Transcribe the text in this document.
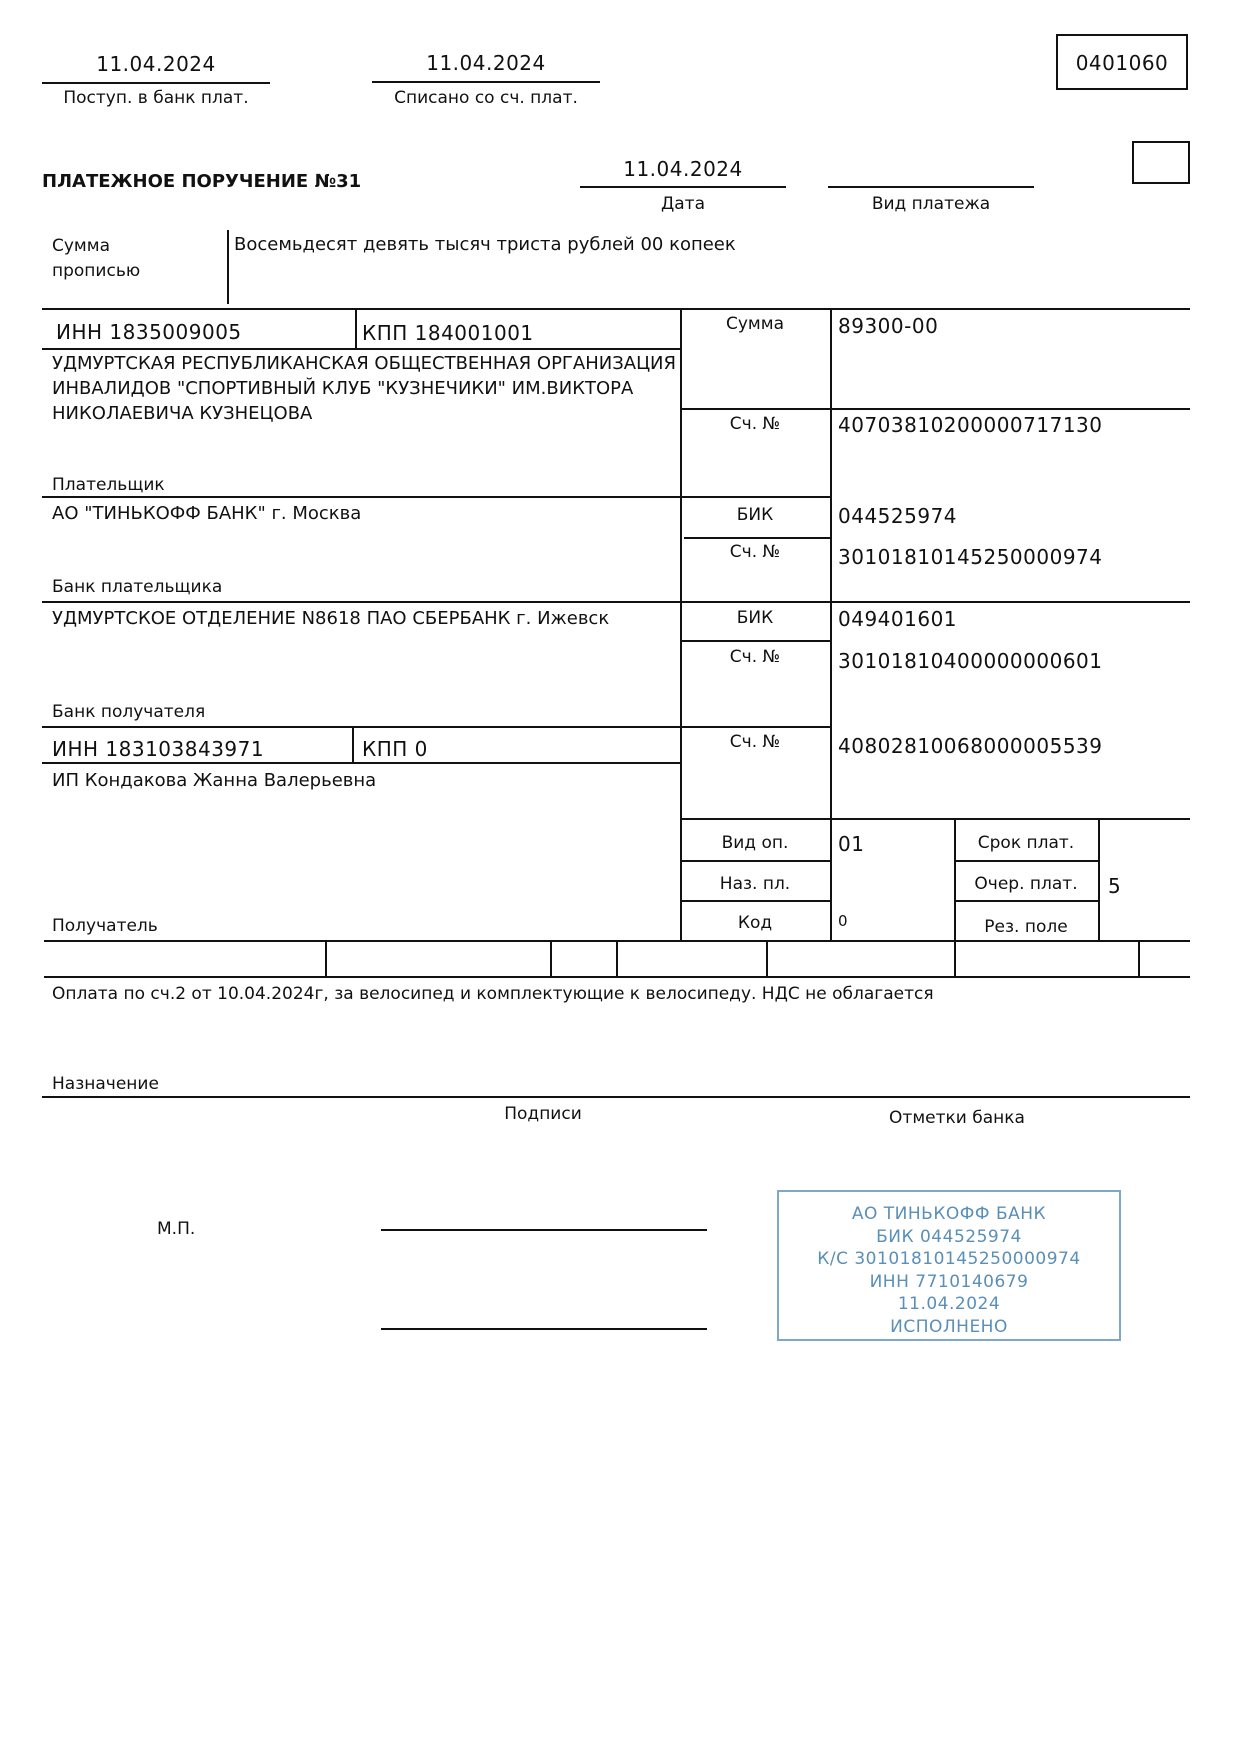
11.04.2024
Поступ. в банк плат.
11.04.2024
Списано со сч. плат.
0401060
ПЛАТЕЖНОЕ ПОРУЧЕНИЕ №31
11.04.2024
Дата	Вид платежа
Сумма
прописью
Восемьдесят девять тысяч триста рублей 00 копеек
ИНН 1835009005	КПП 184001001
УДМУРТСКАЯ РЕСПУБЛИКАНСКАЯ ОБЩЕСТВЕННАЯ ОРГАНИЗАЦИЯ
ИНВАЛИДОВ "СПОРТИВНЫЙ КЛУБ "КУЗНЕЧИКИ" ИМ.ВИКТОРА
НИКОЛАЕВИЧА КУЗНЕЦОВА
Плательщик
Сумма	89300-00
Сч. №	40703810200000717130
АО "ТИНЬКОФФ БАНК" г. Москва
Банк плательщика
БИК	044525974
Сч. №	30101810145250000974
УДМУРТСКОЕ ОТДЕЛЕНИЕ N8618 ПАО СБЕРБАНК г. Ижевск
Банк получателя
БИК	049401601
Сч. №	30101810400000000601
ИНН 183103843971	КПП 0
ИП Кондакова Жанна Валерьевна
Получатель
Сч. №	40802810068000005539
Вид оп.	01
Наз. пл.
Код	0
Срок плат.
Очер. плат.	5
Рез. поле
Оплата по сч.2 от 10.04.2024г, за велосипед и комплектующие к велосипеду. НДС не облагается
Назначение
Подписи	Отметки банка
М.П.
АО ТИНЬКОФФ БАНК
БИК 044525974
К/С 30101810145250000974
ИНН 7710140679
11.04.2024
ИСПОЛНЕНО
